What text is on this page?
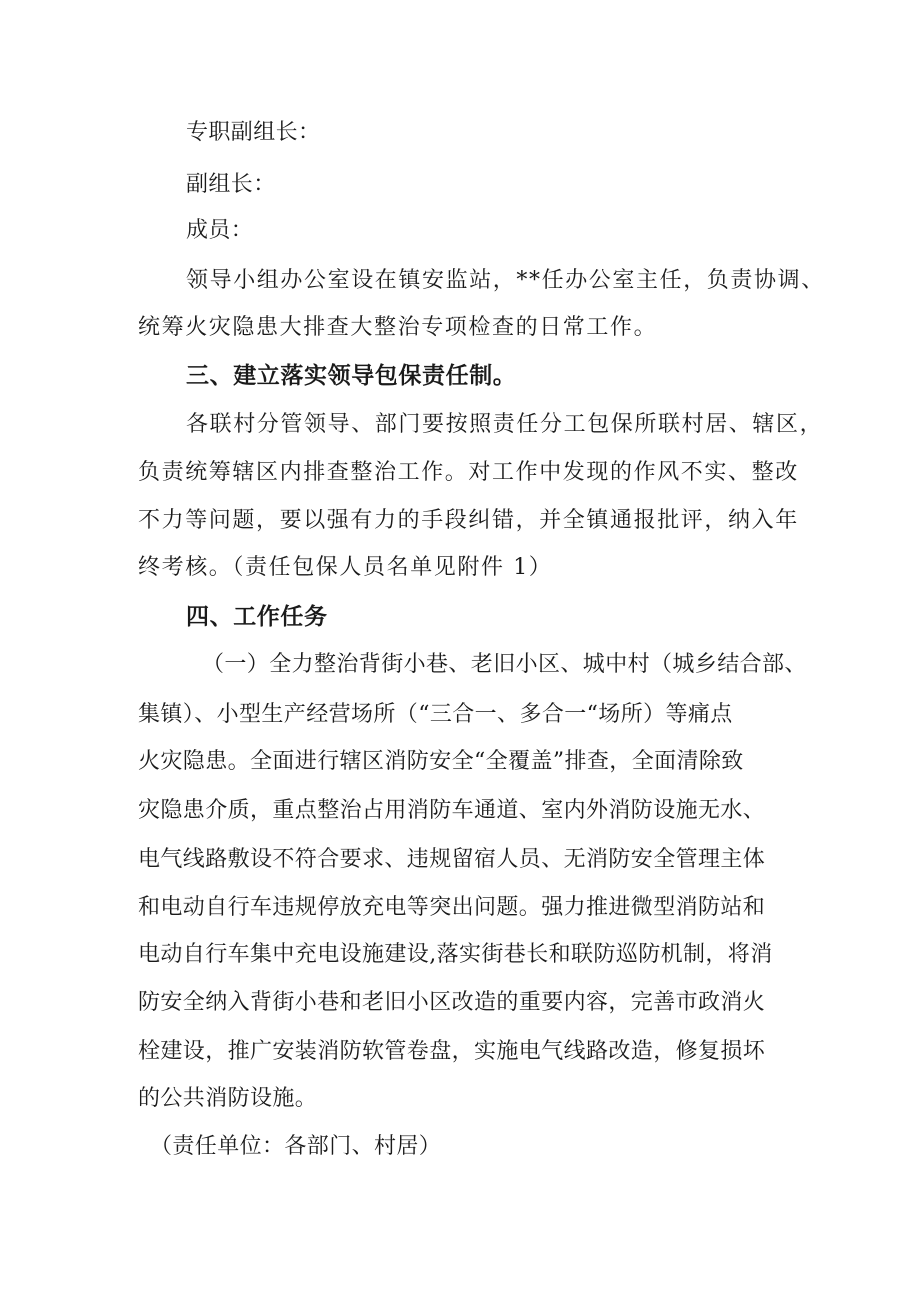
专职副组长：
副组长：
成员：
领导小组办公室设在镇安监站，**任办公室主任，负责协调、
统筹火灾隐患大排查大整治专项检查的日常工作。
三、建立落实领导包保责任制。
各联村分管领导、部门要按照责任分工包保所联村居、辖区，
负责统筹辖区内排查整治工作。对工作中发现的作风不实、整改
不力等问题，要以强有力的手段纠错，并全镇通报批评，纳入年
终考核。（责任包保人员名单见附件 1）
四、工作任务
（一）全力整治背街小巷、老旧小区、城中村（城乡结合部、
集镇）、小型生产经营场所（“三合一、多合一“场所）等痛点
火灾隐患。全面进行辖区消防安全“全覆盖”排查，全面清除致
灾隐患介质，重点整治占用消防车通道、室内外消防设施无水、
电气线路敷设不符合要求、违规留宿人员、无消防安全管理主体
和电动自行车违规停放充电等突出问题。强力推进微型消防站和
电动自行车集中充电设施建设,落实街巷长和联防巡防机制，将消
防安全纳入背街小巷和老旧小区改造的重要内容，完善市政消火
栓建设，推广安装消防软管卷盘，实施电气线路改造，修复损坏
的公共消防设施。
（责任单位：各部门、村居）
